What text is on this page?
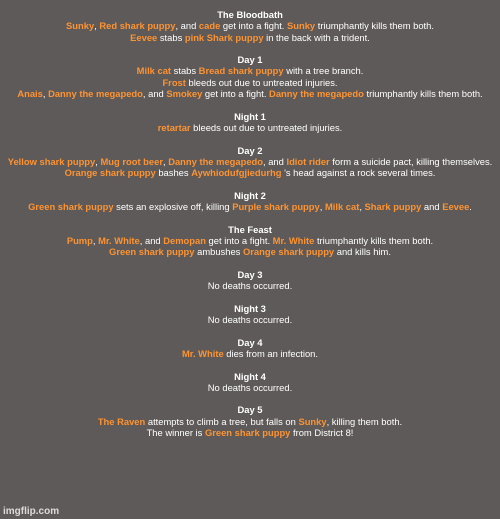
The Bloodbath
Sunky, Red shark puppy, and cade get into a fight. Sunky triumphantly kills them both.
Eevee stabs pink Shark puppy in the back with a trident.
Day 1
Milk cat stabs Bread shark puppy with a tree branch.
Frost bleeds out due to untreated injuries.
Anais, Danny the megapedo, and Smokey get into a fight. Danny the megapedo triumphantly kills them both.
Night 1
retartar bleeds out due to untreated injuries.
Day 2
Yellow shark puppy, Mug root beer, Danny the megapedo, and Idiot rider form a suicide pact, killing themselves.
Orange shark puppy bashes Aywhiodufgjiedurhg 's head against a rock several times.
Night 2
Green shark puppy sets an explosive off, killing Purple shark puppy, Milk cat, Shark puppy and Eevee.
The Feast
Pump, Mr. White, and Demopan get into a fight. Mr. White triumphantly kills them both.
Green shark puppy ambushes Orange shark puppy and kills him.
Day 3
No deaths occurred.
Night 3
No deaths occurred.
Day 4
Mr. White dies from an infection.
Night 4
No deaths occurred.
Day 5
The Raven attempts to climb a tree, but falls on Sunky, killing them both.
The winner is Green shark puppy from District 8!
imgflip.com
